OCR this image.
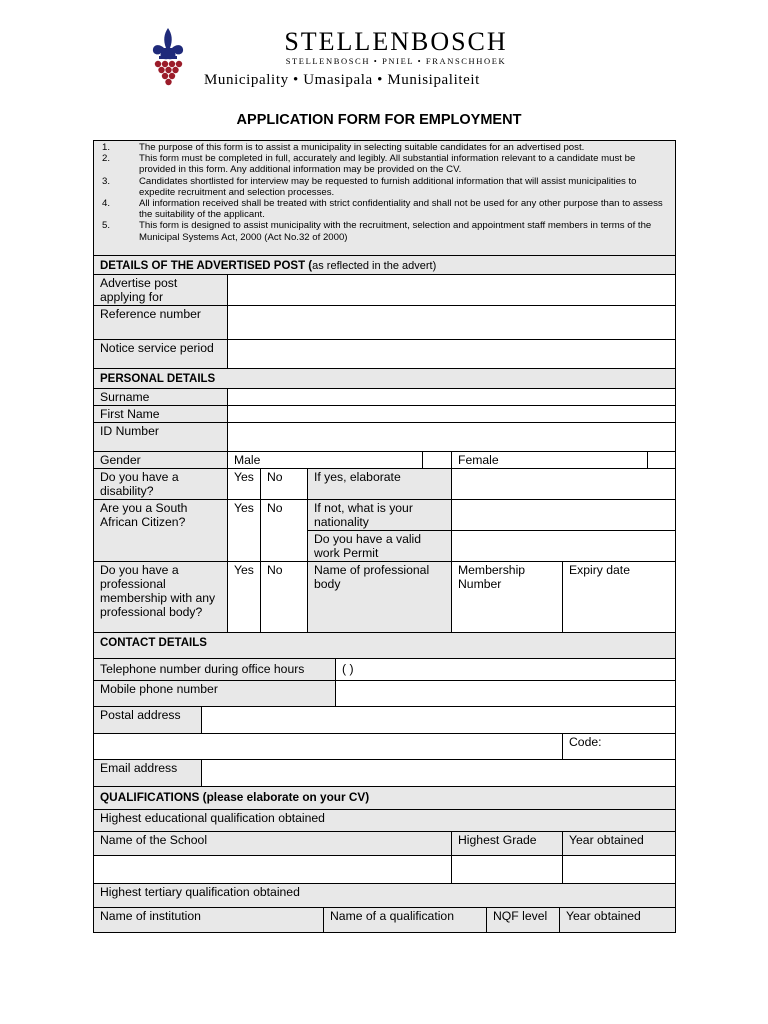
STELLENBOSCH
STELLENBOSCH • PNIEL • FRANSCHHOEK
Municipality • Umasipala • Munisipaliteit
APPLICATION FORM FOR EMPLOYMENT
1.	The purpose of this form is to assist a municipality in selecting suitable candidates for an advertised post.
2.	This form must be completed in full, accurately and legibly. All substantial information relevant to a candidate must be provided in this form. Any additional information may be provided on the CV.
3.	Candidates shortlisted for interview may be requested to furnish additional information that will assist municipalities to expedite recruitment and selection processes.
4.	All information received shall be treated with strict confidentiality and shall not be used for any other purpose than to assess the suitability of the applicant.
5.	This form is designed to assist municipality with the recruitment, selection and appointment staff members in terms of the Municipal Systems Act, 2000 (Act No.32 of 2000)

DETAILS OF THE ADVERTISED POST (as reflected in the advert)
Advertise post applying for	
Reference number	
Notice service period	
PERSONAL DETAILS
Surname	
First Name	
ID Number	
Gender	Male		Female	
Do you have a disability?	Yes	No	If yes, elaborate	
Are you a South African Citizen?	Yes	No	If not, what is your nationality	
Do you have a valid work Permit	
Do you have a professional membership with any professional body?	Yes	No	Name of professional body	Membership Number	Expiry date
CONTACT DETAILS
Telephone number during office hours	( )
Mobile phone number	

Postal address	

	Code:

Email address	

QUALIFICATIONS (please elaborate on your CV)
Highest educational qualification obtained
Name of the School	Highest Grade	Year obtained

Highest tertiary qualification obtained

Name of institution	Name of a qualification	NQF level	Year obtained
